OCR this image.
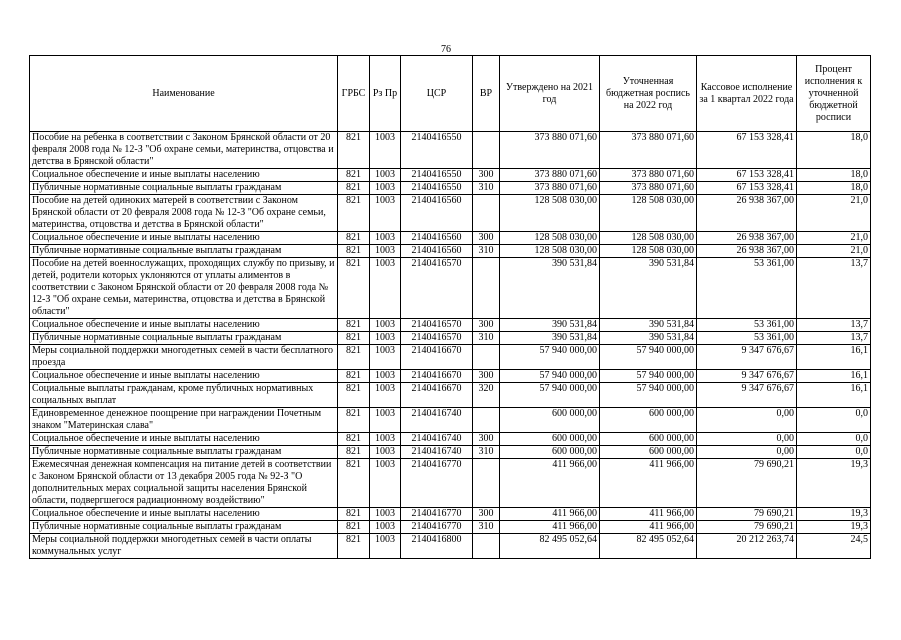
76
Наименование	ГРБС	Рз Пр	ЦСР	ВР	Утверждено на 2021 год	Уточненная бюджетная роспись на 2022 год	Кассовое исполнение за 1 квартал 2022 года	Процент исполнения к уточненной бюджетной росписи
Пособие на ребенка в соответствии с Законом Брянской области от 20 февраля 2008 года № 12-З "Об охране семьи, материнства, отцовства и детства в Брянской области"	821	1003	2140416550		373 880 071,60	373 880 071,60	67 153 328,41	18,0
Социальное обеспечение и иные выплаты населению	821	1003	2140416550	300	373 880 071,60	373 880 071,60	67 153 328,41	18,0
Публичные нормативные социальные выплаты гражданам	821	1003	2140416550	310	373 880 071,60	373 880 071,60	67 153 328,41	18,0
Пособие на детей одиноких матерей в соответствии с Законом Брянской области от 20 февраля 2008 года № 12-З "Об охране семьи, материнства, отцовства и детства в Брянской области"	821	1003	2140416560		128 508 030,00	128 508 030,00	26 938 367,00	21,0
Социальное обеспечение и иные выплаты населению	821	1003	2140416560	300	128 508 030,00	128 508 030,00	26 938 367,00	21,0
Публичные нормативные социальные выплаты гражданам	821	1003	2140416560	310	128 508 030,00	128 508 030,00	26 938 367,00	21,0
Пособие на детей военнослужащих, проходящих службу по призыву, и детей, родители которых уклоняются от уплаты алиментов в соответствии с Законом Брянской области от 20 февраля 2008 года № 12-З "Об охране семьи, материнства, отцовства и детства в Брянской области"	821	1003	2140416570		390 531,84	390 531,84	53 361,00	13,7
Социальное обеспечение и иные выплаты населению	821	1003	2140416570	300	390 531,84	390 531,84	53 361,00	13,7
Публичные нормативные социальные выплаты гражданам	821	1003	2140416570	310	390 531,84	390 531,84	53 361,00	13,7
Меры социальной поддержки многодетных семей в части бесплатного проезда	821	1003	2140416670		57 940 000,00	57 940 000,00	9 347 676,67	16,1
Социальное обеспечение и иные выплаты населению	821	1003	2140416670	300	57 940 000,00	57 940 000,00	9 347 676,67	16,1
Социальные выплаты гражданам, кроме публичных нормативных социальных выплат	821	1003	2140416670	320	57 940 000,00	57 940 000,00	9 347 676,67	16,1
Единовременное денежное поощрение при награждении Почетным знаком "Материнская слава"	821	1003	2140416740		600 000,00	600 000,00	0,00	0,0
Социальное обеспечение и иные выплаты населению	821	1003	2140416740	300	600 000,00	600 000,00	0,00	0,0
Публичные нормативные социальные выплаты гражданам	821	1003	2140416740	310	600 000,00	600 000,00	0,00	0,0
Ежемесячная денежная компенсация на питание детей в соответствии с Законом Брянской области от 13 декабря 2005 года № 92-З "О дополнительных мерах социальной защиты населения Брянской области, подвергшегося радиационному воздействию"	821	1003	2140416770		411 966,00	411 966,00	79 690,21	19,3
Социальное обеспечение и иные выплаты населению	821	1003	2140416770	300	411 966,00	411 966,00	79 690,21	19,3
Публичные нормативные социальные выплаты гражданам	821	1003	2140416770	310	411 966,00	411 966,00	79 690,21	19,3
Меры социальной поддержки многодетных семей в части оплаты коммунальных услуг	821	1003	2140416800		82 495 052,64	82 495 052,64	20 212 263,74	24,5
